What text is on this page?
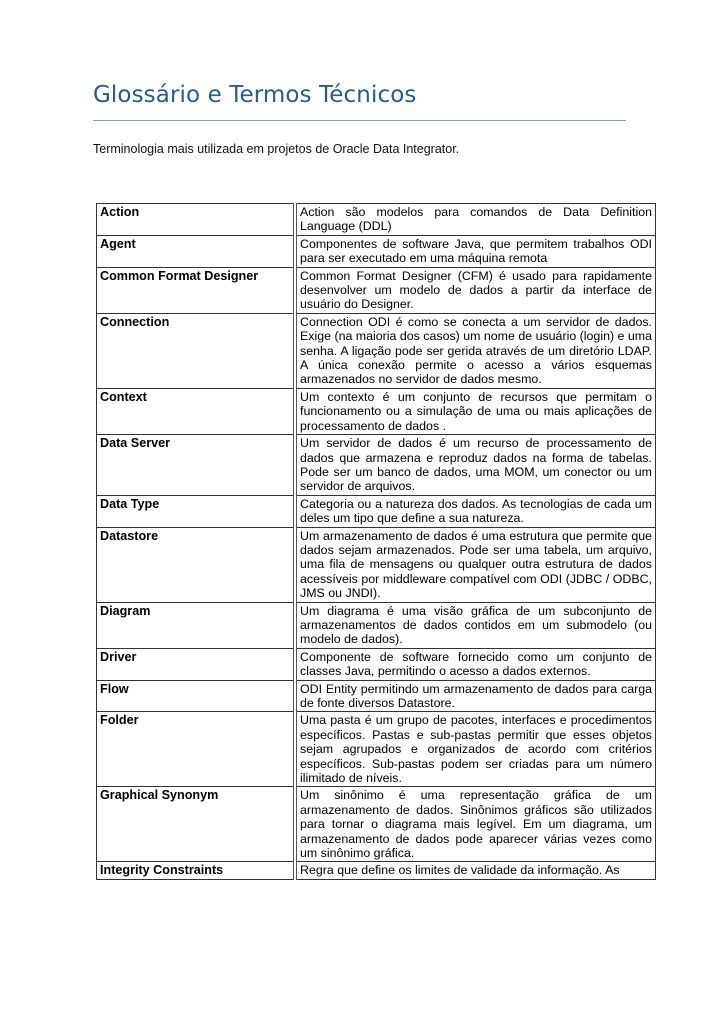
Glossário e Termos Técnicos
Terminologia mais utilizada em projetos de Oracle Data Integrator.
Action	Action são modelos para comandos de Data Definition Language (DDL)
Agent	Componentes de software Java, que permitem trabalhos ODI para ser executado em uma máquina remota
Common Format Designer	Common Format Designer (CFM) é usado para rapidamente desenvolver um modelo de dados a partir da interface de usuário do Designer.
Connection	Connection ODI é como se conecta a um servidor de dados. Exige (na maioria dos casos) um nome de usuário (login) e uma senha. A ligação pode ser gerida através de um diretório LDAP. A única conexão permite o acesso a vários esquemas armazenados no servidor de dados mesmo.
Context	Um contexto é um conjunto de recursos que permitam o funcionamento ou a simulação de uma ou mais aplicações de processamento de dados .
Data Server	Um servidor de dados é um recurso de processamento de dados que armazena e reproduz dados na forma de tabelas. Pode ser um banco de dados, uma MOM, um conector ou um servidor de arquivos.
Data Type	Categoria ou a natureza dos dados. As tecnologias de cada um deles um tipo que define a sua natureza.
Datastore	Um armazenamento de dados é uma estrutura que permite que dados sejam armazenados. Pode ser uma tabela, um arquivo, uma fila de mensagens ou qualquer outra estrutura de dados acessíveis por middleware compatível com ODI (JDBC / ODBC, JMS ou JNDI).
Diagram	Um diagrama é uma visão gráfica de um subconjunto de armazenamentos de dados contidos em um submodelo (ou modelo de dados).
Driver	Componente de software fornecido como um conjunto de classes Java, permitindo o acesso a dados externos.
Flow	ODI Entity permitindo um armazenamento de dados para carga de fonte diversos Datastore.
Folder	Uma pasta é um grupo de pacotes, interfaces e procedimentos específicos. Pastas e sub-pastas permitir que esses objetos sejam agrupados e organizados de acordo com critérios específicos. Sub-pastas podem ser criadas para um número ilimitado de níveis.
Graphical Synonym	Um sinônimo é uma representação gráfica de um armazenamento de dados. Sinônimos gráficos são utilizados para tornar o diagrama mais legível. Em um diagrama, um armazenamento de dados pode aparecer várias vezes como um sinônimo gráfica.
Integrity Constraints	Regra que define os limites de validade da informação. As
